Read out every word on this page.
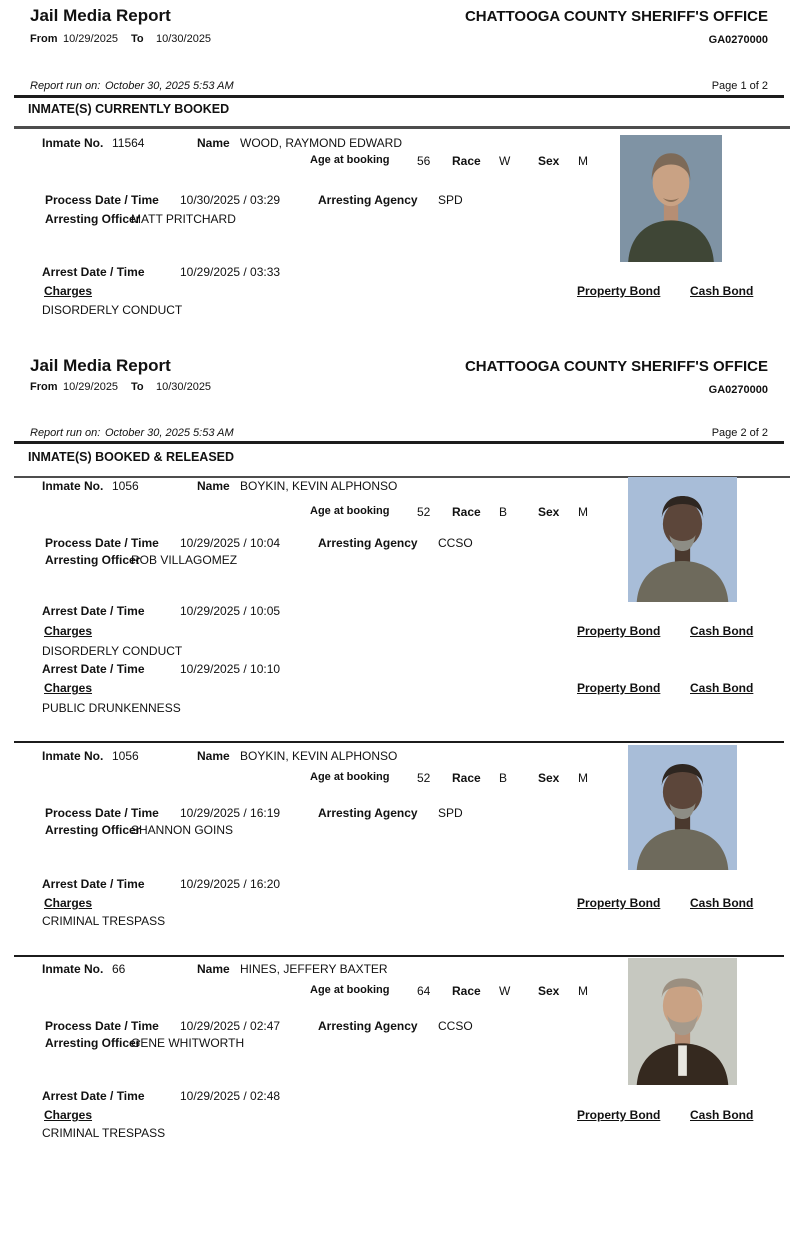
Jail Media Report
From 10/29/2025 To 10/30/2025
CHATTOOGA COUNTY SHERIFF'S OFFICE
GA0270000
Report run on: October 30, 2025 5:53 AM	Page 1 of 2
INMATE(S) CURRENTLY BOOKED
Inmate No. 11564	Name WOOD, RAYMOND EDWARD
Age at booking 56 Race W Sex M
Process Date / Time 10/30/2025 / 03:29	Arresting Agency SPD
Arresting Officer
MATT PRITCHARD
Arrest Date / Time	10/29/2025 / 03:33
Charges	Property Bond Cash Bond
DISORDERLY CONDUCT
Jail Media Report
From 10/29/2025 To 10/30/2025
CHATTOOGA COUNTY SHERIFF'S OFFICE
GA0270000
Report run on: October 30, 2025 5:53 AM	Page 2 of 2
INMATE(S) BOOKED & RELEASED
Inmate No. 1056	Name BOYKIN, KEVIN ALPHONSO
Age at booking 52 Race B	Sex M
Process Date / Time 10/29/2025 / 10:04	Arresting Agency CCSO
Arresting Officer
ROB VILLAGOMEZ
Arrest Date / Time	10/29/2025 / 10:05
Charges	Property Bond Cash Bond
DISORDERLY CONDUCT
Arrest Date / Time	10/29/2025 / 10:10
Charges	Property Bond Cash Bond
PUBLIC DRUNKENNESS
Inmate No. 1056	Name BOYKIN, KEVIN ALPHONSO
Age at booking 52 Race B	Sex M
Process Date / Time 10/29/2025 / 16:19	Arresting Agency SPD
Arresting Officer
SHANNON GOINS
Arrest Date / Time	10/29/2025 / 16:20
Charges	Property Bond Cash Bond
CRIMINAL TRESPASS
Inmate No. 66	Name HINES, JEFFERY BAXTER
Age at booking 64 Race W Sex M
Process Date / Time 10/29/2025 / 02:47	Arresting Agency CCSO
Arresting Officer
GENE WHITWORTH
Arrest Date / Time	10/29/2025 / 02:48
Charges	Property Bond Cash Bond
CRIMINAL TRESPASS
